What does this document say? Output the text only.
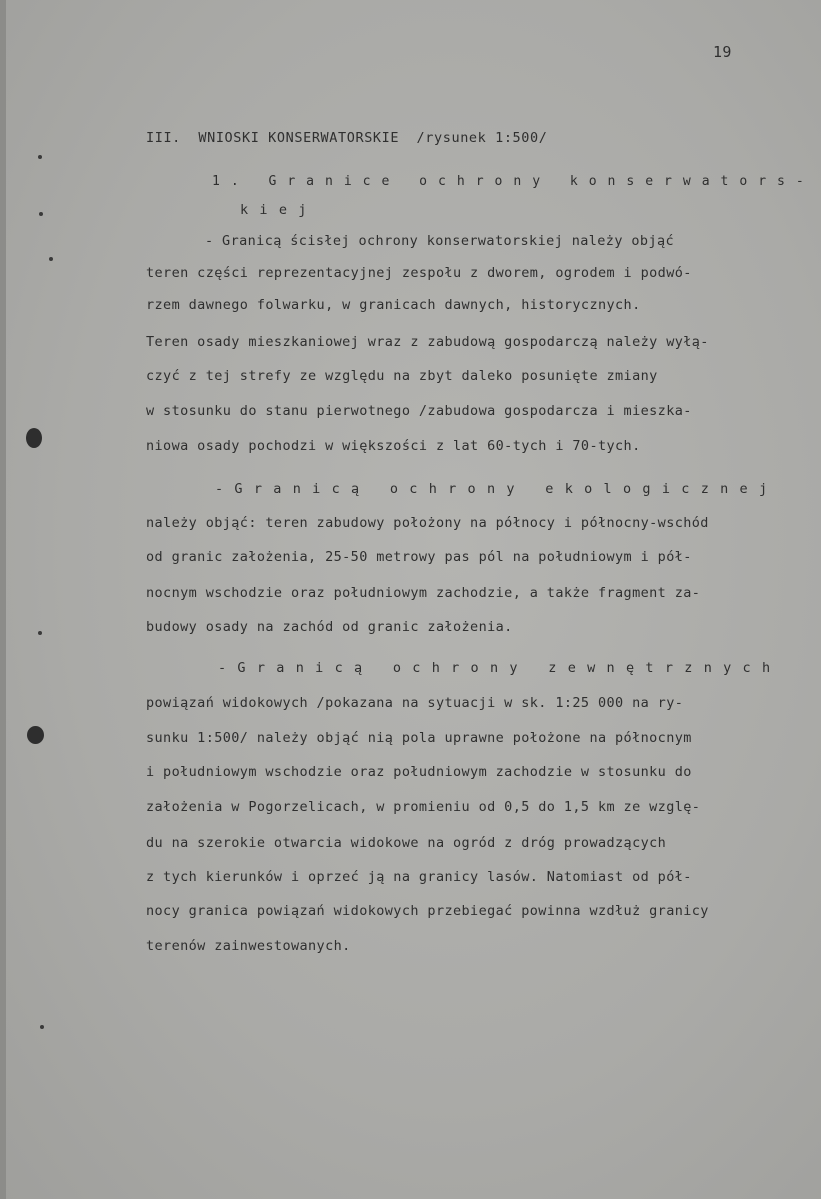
19
III.  WNIOSKI KONSERWATORSKIE  /rysunek 1:500/
1. Granice ochrony konserwators-
kiej
- Granicą ścisłej ochrony konserwatorskiej należy objąć
teren części reprezentacyjnej zespołu z dworem, ogrodem i podwó-
rzem dawnego folwarku, w granicach dawnych, historycznych.
Teren osady mieszkaniowej wraz z zabudową gospodarczą należy wyłą-
czyć z tej strefy ze względu na zbyt daleko posunięte zmiany
w stosunku do stanu pierwotnego /zabudowa gospodarcza i mieszka-
niowa osady pochodzi w większości z lat 60-tych i 70-tych.
-Granicą ochrony ekologicznej
należy objąć: teren zabudowy położony na północy i północny-wschód
od granic założenia, 25-50 metrowy pas pól na południowym i pół-
nocnym wschodzie oraz południowym zachodzie, a także fragment za-
budowy osady na zachód od granic założenia.
-Granicą ochrony zewnętrznych
powiązań widokowych /pokazana na sytuacji w sk. 1:25 000 na ry-
sunku 1:500/ należy objąć nią pola uprawne położone na północnym
i południowym wschodzie oraz południowym zachodzie w stosunku do
założenia w Pogorzelicach, w promieniu od 0,5 do 1,5 km ze wzglę-
du na szerokie otwarcia widokowe na ogród z dróg prowadzących
z tych kierunków i oprzeć ją na granicy lasów. Natomiast od pół-
nocy granica powiązań widokowych przebiegać powinna wzdłuż granicy
terenów zainwestowanych.
